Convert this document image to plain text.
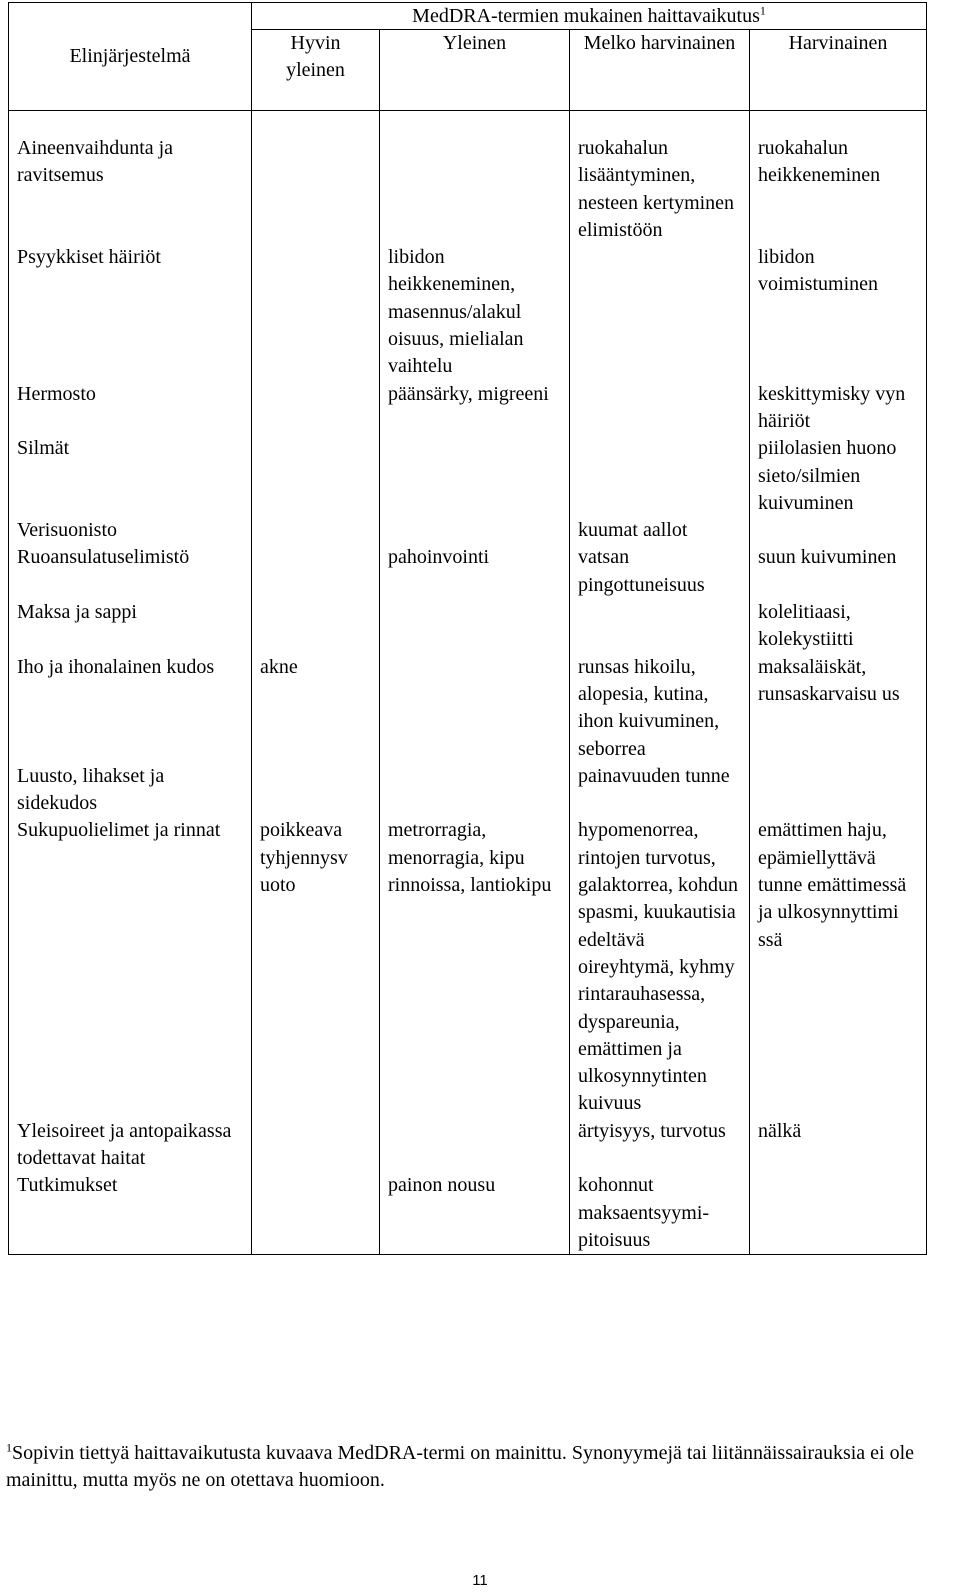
Elinjärjestelmä	MedDRA-termien mukainen haittavaikutus$^1$
	Hyvin yleinen	Yleinen	Melko harvinainen	Harvinainen

Aineenvaihdunta ja ravitsemus			ruokahalun lisääntyminen, nesteen kertyminen elimistöön	ruokahalun heikkeneminen
Psyykkiset häiriöt		libidon heikkeneminen, masennus/alakul oisuus, mielialan vaihtelu		libidon voimistuminen
Hermosto		päänsärky, migreeni		keskittymisky vyn häiriöt
Silmät				piilolasien huono sieto/silmien kuivuminen
Verisuonisto			kuumat aallot	
Ruoansulatuselimistö		pahoinvointi	vatsan pingottuneisuus	suun kuivuminen
Maksa ja sappi				kolelitiaasi, kolekystiitti
Iho ja ihonalainen kudos	akne		runsas hikoilu, alopesia, kutina, ihon kuivuminen, seborrea	maksaläiskät, runsaskarvaisu us
Luusto, lihakset ja sidekudos			painavuuden tunne	
Sukupuolielimet ja rinnat	poikkeava tyhjennysv uoto	metrorragia, menorragia, kipu rinnoissa, lantiokipu	hypomenorrea, rintojen turvotus, galaktorrea, kohdun spasmi, kuukautisia edeltävä oireyhtymä, kyhmy rintarauhasessa, dyspareunia, emättimen ja ulkosynnytinten kuivuus	emättimen haju, epämiellyttävä tunne emättimessä ja ulkosynnyttimi ssä
Yleisoireet ja antopaikassa todettavat haitat			ärtyisyys, turvotus	nälkä
Tutkimukset		painon nousu	kohonnut maksaentsyymi- pitoisuus	
$^1$Sopivin tiettyä haittavaikutusta kuvaava MedDRA-termi on mainittu. Synonyymejä tai liitännäissairauksia ei ole mainittu, mutta myös ne on otettava huomioon.
11
